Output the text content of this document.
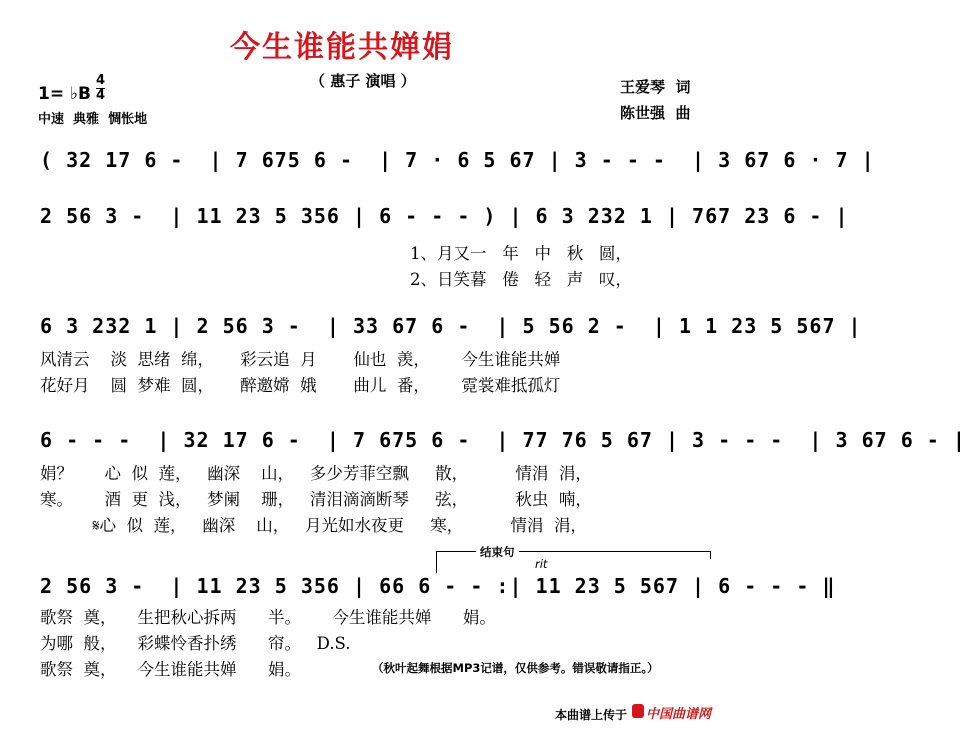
今生谁能共婵娟
（ 惠子 演唱 ）	王爱琴  词
陈世强  曲
1= ♭B
4
4
中速  典雅  惆怅地
( 32 17 6 -  | 7 675 6 -  | 7 · 6 5 67 | 3 - - -  | 3 67 6 · 7 |
2 56 3 -  | 11 23 5 356 | 6 - - - ) | 6 3 232 1 | 767 23 6 - |
1、月又一   年   中   秋   圆，
2、日笑暮   倦   轻   声   叹，
6 3 232 1 | 2 56 3 -  | 33 67 6 -  | 5 56 2 -  | 1 1 23 5 567 |
风清云    淡  思绪  绵，     彩云追  月       仙也  羡，      今生谁能共婵
花好月    圆  梦难  圆，     醉邀嫦  娥       曲儿  番，      霓裳难抵孤灯
6 - - -  | 32 17 6 -  | 7 675 6 -  | 77 76 5 67 | 3 - - -  | 3 67 6 - |
娟？      心  似  莲，   幽深    山，   多少芳菲空飘     散，         情涓  涓，
寒。      酒  更  浅，   梦阑    珊，   清泪滴滴断琴     弦，         秋虫  喃，
𝄋心  似  莲，   幽深    山，   月光如水夜更     寒，         情涓  涓，
结束句
rit
2 56 3 -  | 11 23 5 356 | 66 6 - - :| 11 23 5 567 | 6 - - - ‖
歌祭  奠，    生把秋心拆两      半。      今生谁能共婵      娟。
为哪  般，    彩蝶怜香扑绣      帘。   D.S.
歌祭  奠，    今生谁能共婵      娟。	（秋叶起舞根据MP3记谱，仅供参考。错误敬请指正。）
本曲谱上传于 中国曲谱网
